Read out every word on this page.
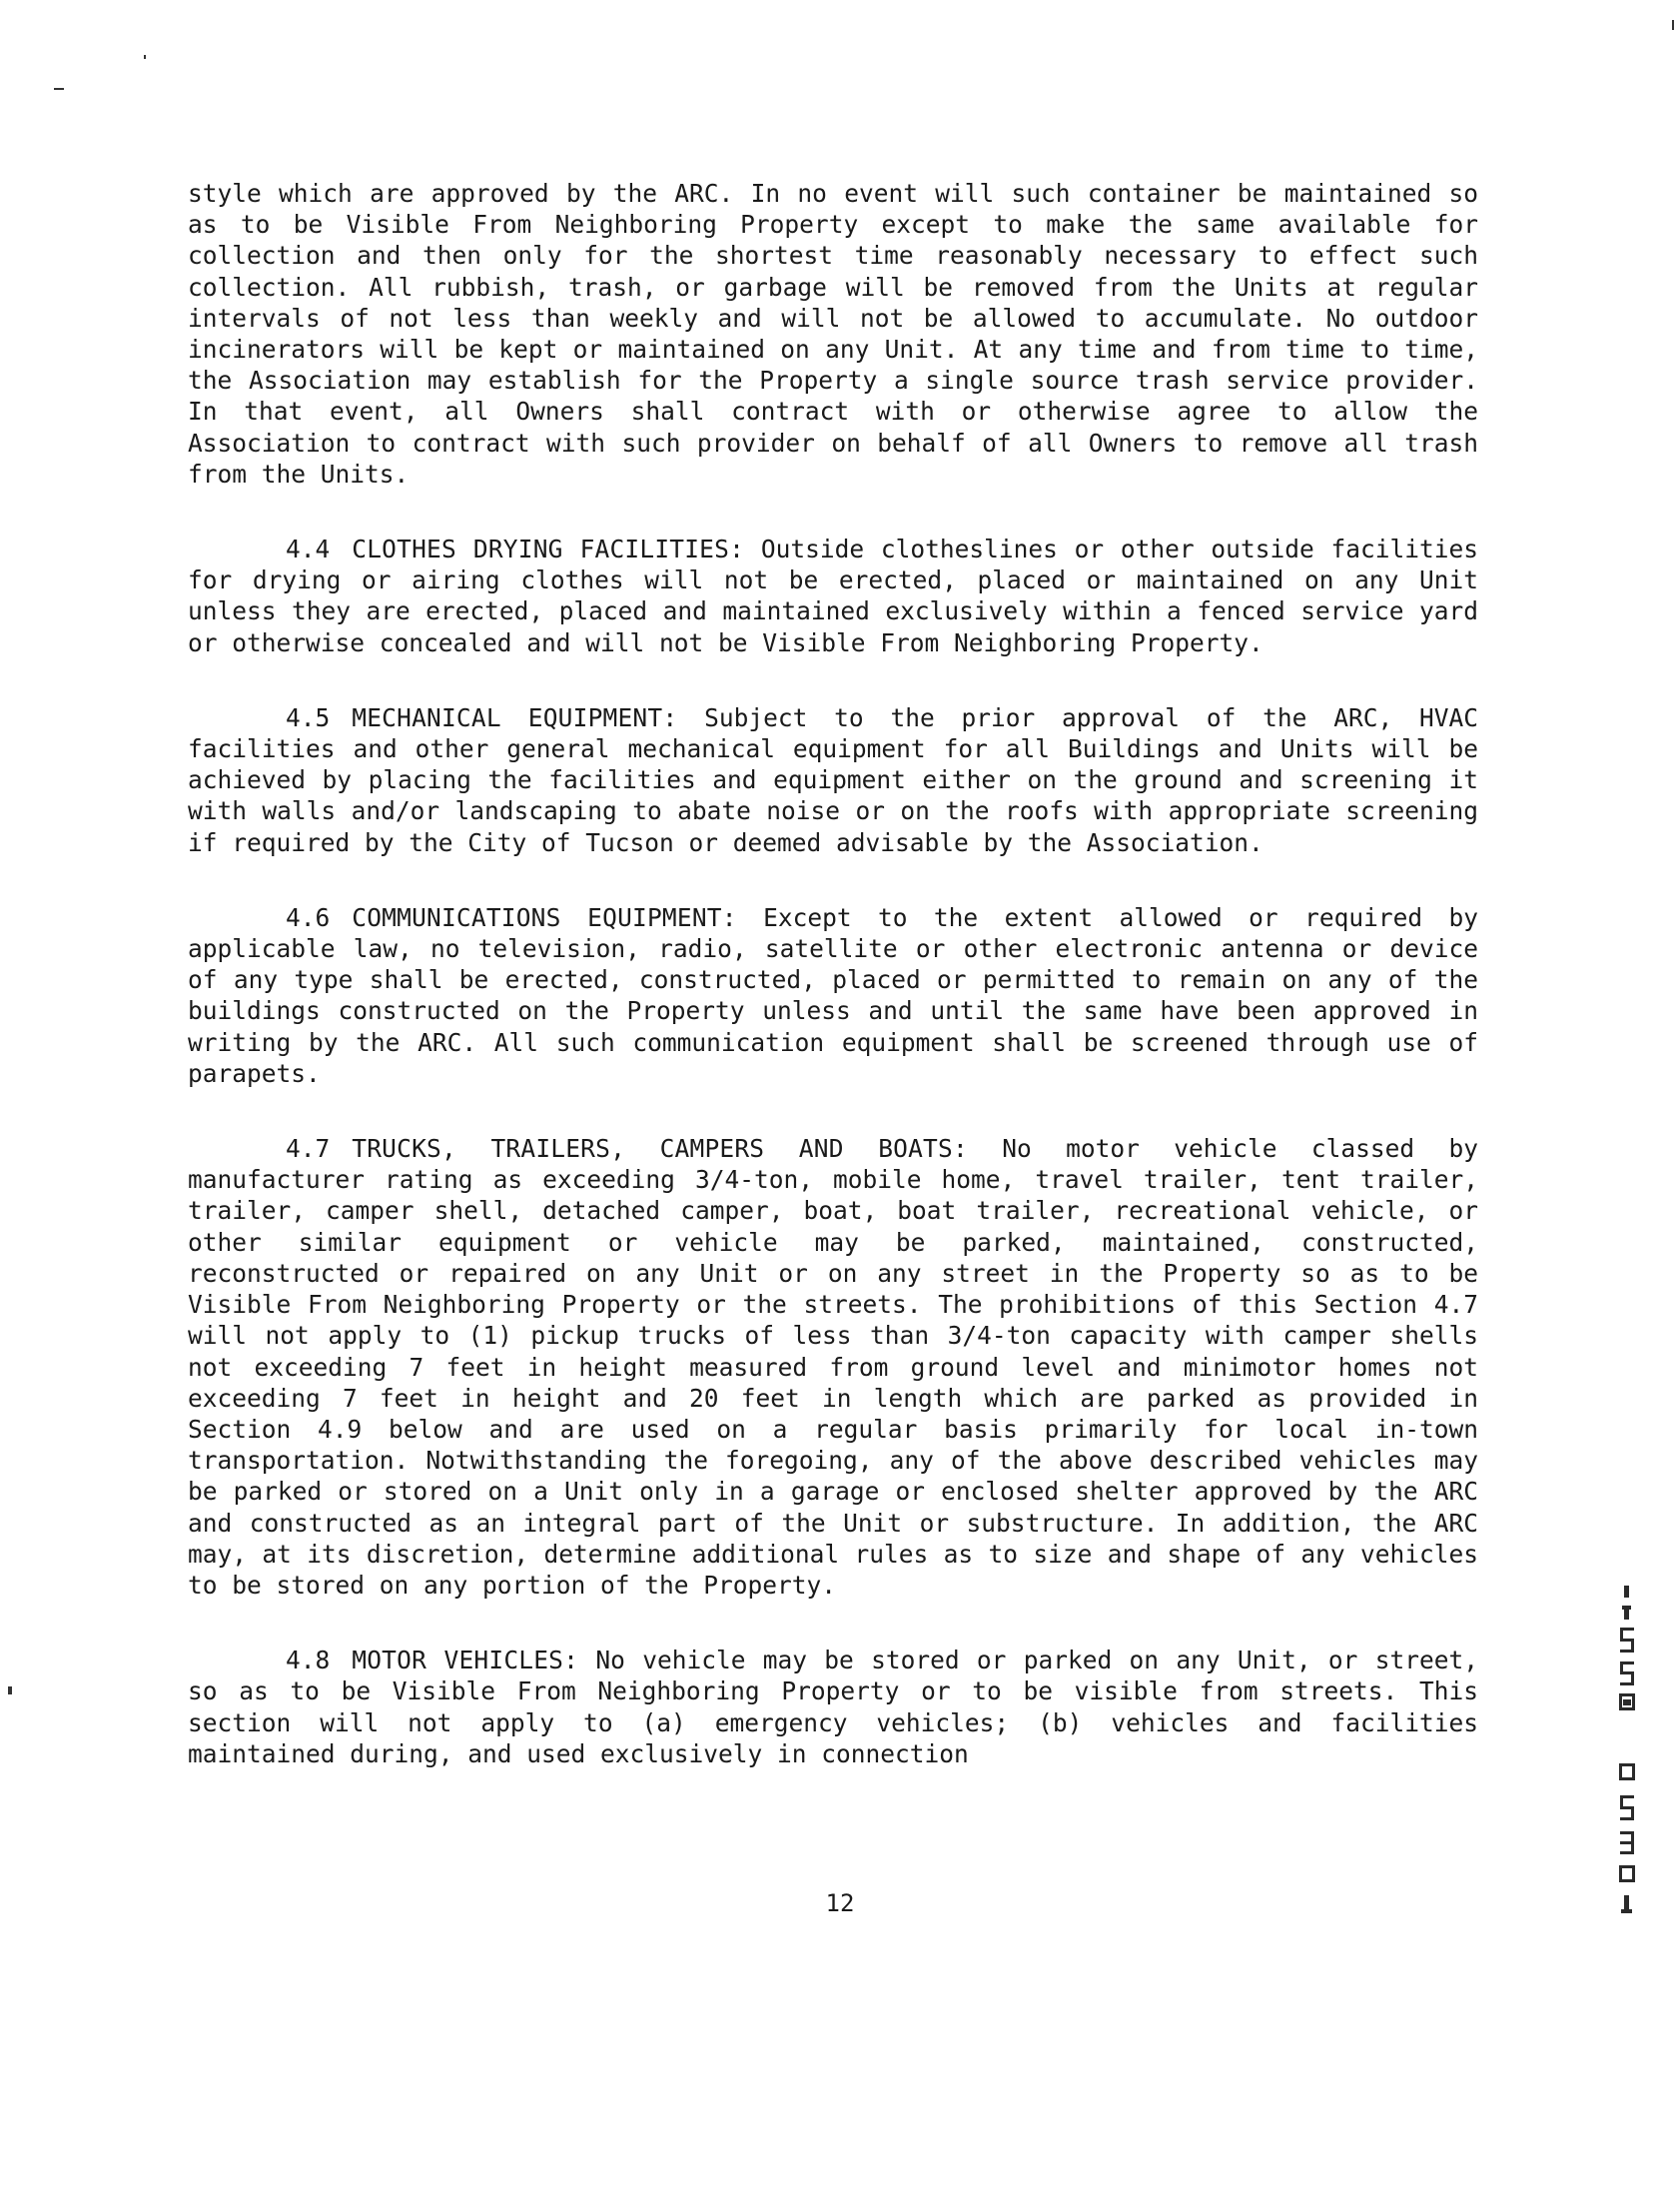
style which are approved by the ARC. In no event will such container be maintained so as to be Visible From Neighboring Property except to make the same available for collection and then only for the shortest time reasonably necessary to effect such collection. All rubbish, trash, or garbage will be removed from the Units at regular intervals of not less than weekly and will not be allowed to accumulate. No outdoor incinerators will be kept or maintained on any Unit. At any time and from time to time, the Association may establish for the Property a single source trash service provider. In that event, all Owners shall contract with or otherwise agree to allow the Association to contract with such provider on behalf of all Owners to remove all trash from the Units.

4.4 CLOTHES DRYING FACILITIES: Outside clotheslines or other outside facilities for drying or airing clothes will not be erected, placed or maintained on any Unit unless they are erected, placed and maintained exclusively within a fenced service yard or otherwise concealed and will not be Visible From Neighboring Property.

4.5 MECHANICAL EQUIPMENT: Subject to the prior approval of the ARC, HVAC facilities and other general mechanical equipment for all Buildings and Units will be achieved by placing the facilities and equipment either on the ground and screening it with walls and/or landscaping to abate noise or on the roofs with appropriate screening if required by the City of Tucson or deemed advisable by the Association.

4.6 COMMUNICATIONS EQUIPMENT: Except to the extent allowed or required by applicable law, no television, radio, satellite or other electronic antenna or device of any type shall be erected, constructed, placed or permitted to remain on any of the buildings constructed on the Property unless and until the same have been approved in writing by the ARC. All such communication equipment shall be screened through use of parapets.

4.7 TRUCKS, TRAILERS, CAMPERS AND BOATS: No motor vehicle classed by manufacturer rating as exceeding 3/4-ton, mobile home, travel trailer, tent trailer, trailer, camper shell, detached camper, boat, boat trailer, recreational vehicle, or other similar equipment or vehicle may be parked, maintained, constructed, reconstructed or repaired on any Unit or on any street in the Property so as to be Visible From Neighboring Property or the streets. The prohibitions of this Section 4.7 will not apply to (1) pickup trucks of less than 3/4-ton capacity with camper shells not exceeding 7 feet in height measured from ground level and minimotor homes not exceeding 7 feet in height and 20 feet in length which are parked as provided in Section 4.9 below and are used on a regular basis primarily for local in-town transportation. Notwithstanding the foregoing, any of the above described vehicles may be parked or stored on a Unit only in a garage or enclosed shelter approved by the ARC and constructed as an integral part of the Unit or substructure. In addition, the ARC may, at its discretion, determine additional rules as to size and shape of any vehicles to be stored on any portion of the Property.

4.8 MOTOR VEHICLES: No vehicle may be stored or parked on any Unit, or street, so as to be Visible From Neighboring Property or to be visible from streets. This section will not apply to (a) emergency vehicles; (b) vehicles and facilities maintained during, and used exclusively in connection

12
